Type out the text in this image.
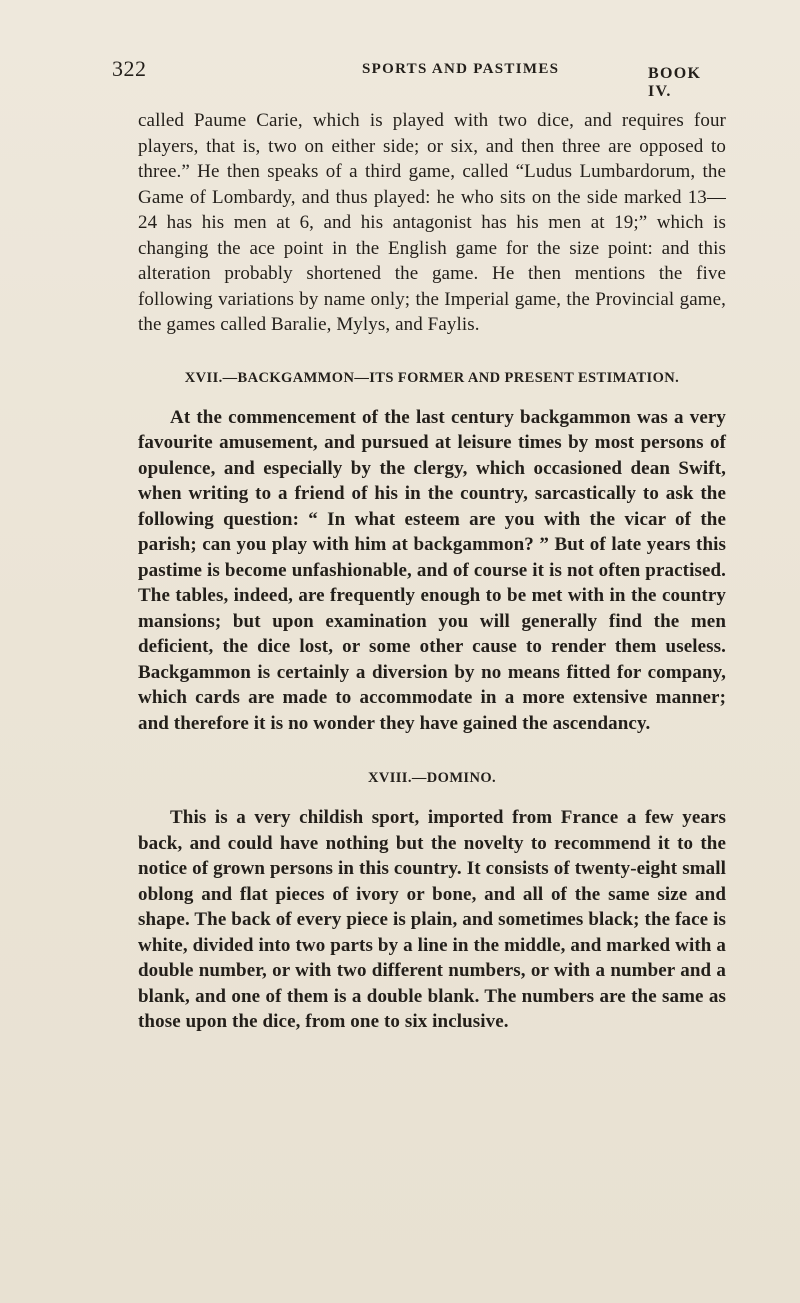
322	SPORTS AND PASTIMES	BOOK IV.

called Paume Carie, which is played with two dice, and requires four players, that is, two on either side; or six, and then three are opposed to three.” He then speaks of a third game, called “Ludus Lumbardorum, the Game of Lombardy, and thus played: he who sits on the side marked 13—24 has his men at 6, and his antagonist has his men at 19;” which is changing the ace point in the English game for the size point: and this alteration probably shortened the game. He then mentions the five following variations by name only; the Imperial game, the Provincial game, the games called Baralie, Mylys, and Faylis.

XVII.—BACKGAMMON—ITS FORMER AND PRESENT ESTIMATION.

At the commencement of the last century backgammon was a very favourite amusement, and pursued at leisure times by most persons of opulence, and especially by the clergy, which occasioned dean Swift, when writing to a friend of his in the country, sarcastically to ask the following question: “ In what esteem are you with the vicar of the parish; can you play with him at backgammon? ” But of late years this pastime is become unfashionable, and of course it is not often practised. The tables, indeed, are frequently enough to be met with in the country mansions; but upon examination you will generally find the men deficient, the dice lost, or some other cause to render them useless. Backgammon is certainly a diversion by no means fitted for company, which cards are made to accommodate in a more extensive manner; and therefore it is no wonder they have gained the ascendancy.

XVIII.—DOMINO.

This is a very childish sport, imported from France a few years back, and could have nothing but the novelty to recommend it to the notice of grown persons in this country. It consists of twenty-eight small oblong and flat pieces of ivory or bone, and all of the same size and shape. The back of every piece is plain, and sometimes black; the face is white, divided into two parts by a line in the middle, and marked with a double number, or with two different numbers, or with a number and a blank, and one of them is a double blank. The numbers are the same as those upon the dice, from one to six inclusive.
